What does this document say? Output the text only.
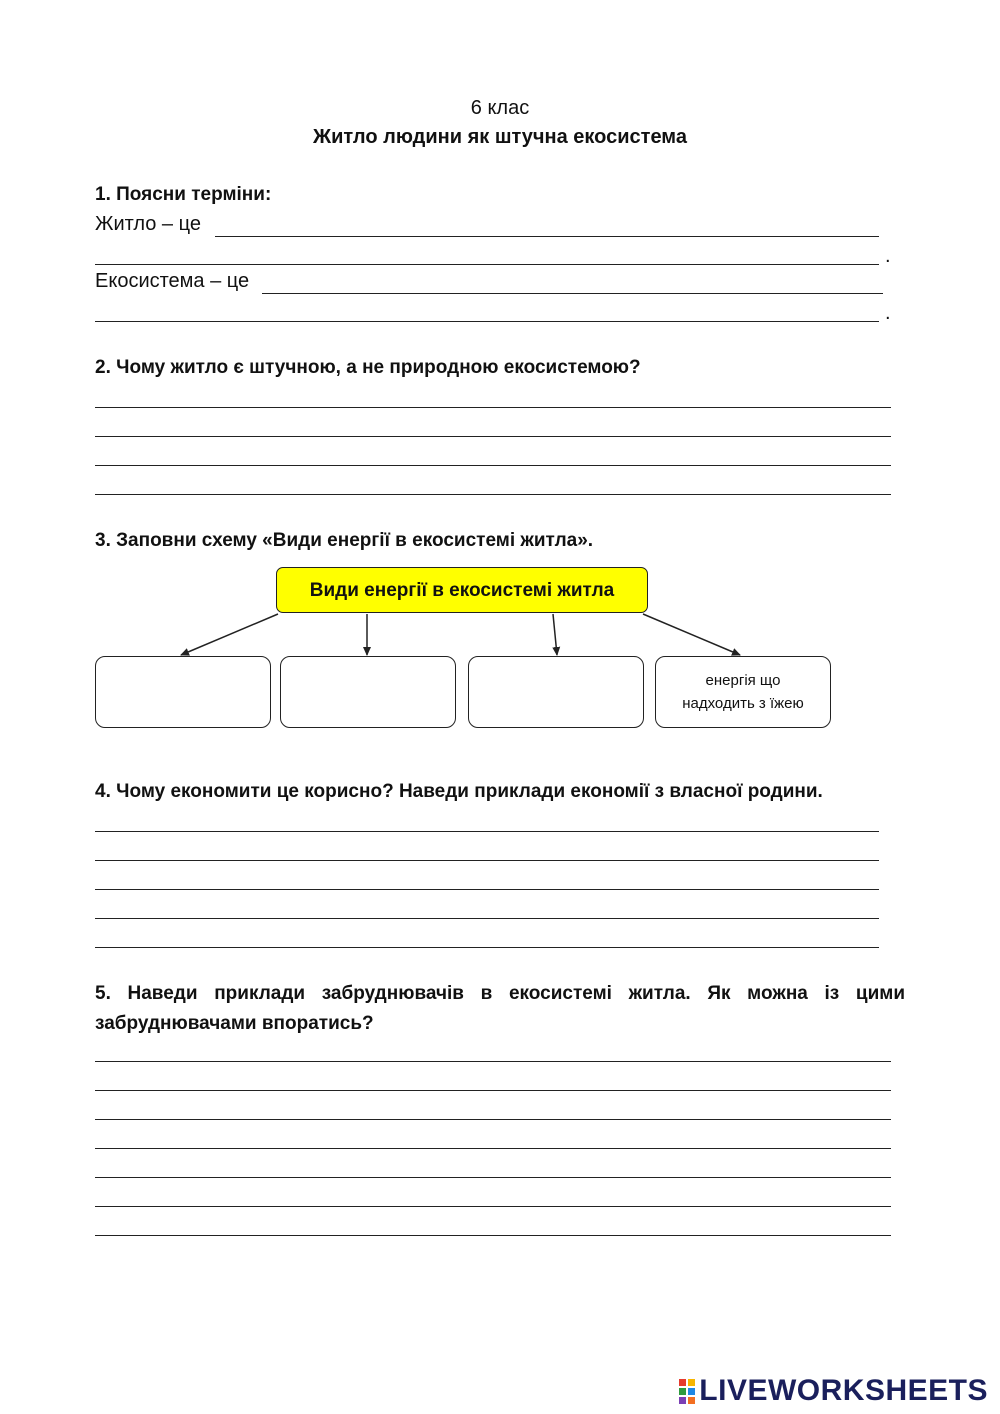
6 клас
Житло людини як штучна екосистема
1. Поясни терміни:
Житло – це
.
Екосистема – це
.
2. Чому житло є штучною, а не природною екосистемою?
3. Заповни схему «Види енергії в екосистемі житла».
Види енергії в екосистемі житла
енергія що надходить з їжею
4. Чому економити це корисно? Наведи приклади економії з власної родини.
5. Наведи приклади забруднювачів в екосистемі житла. Як можна із цими забруднювачами впоратись?
LIVEWORKSHEETS
